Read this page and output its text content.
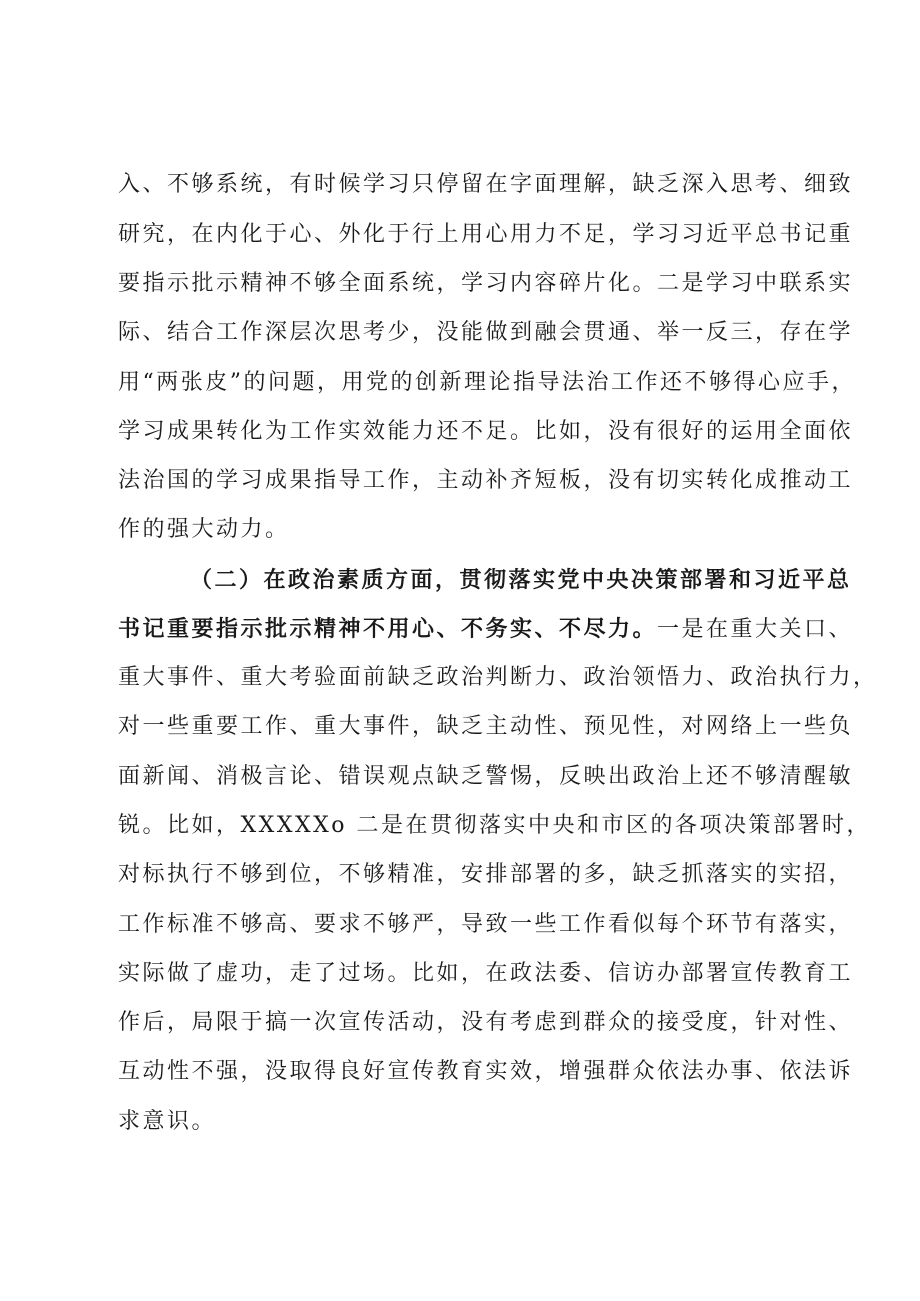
入、不够系统，有时候学习只停留在字面理解，缺乏深入思考、细致
研究，在内化于心、外化于行上用心用力不足，学习习近平总书记重
要指示批示精神不够全面系统，学习内容碎片化。二是学习中联系实
际、结合工作深层次思考少，没能做到融会贯通、举一反三，存在学
用“两张皮”的问题，用党的创新理论指导法治工作还不够得心应手，
学习成果转化为工作实效能力还不足。比如，没有很好的运用全面依
法治国的学习成果指导工作，主动补齐短板，没有切实转化成推动工
作的强大动力。
（二）在政治素质方面，贯彻落实党中央决策部署和习近平总
书记重要指示批示精神不用心、不务实、不尽力。一是在重大关口、
重大事件、重大考验面前缺乏政治判断力、政治领悟力、政治执行力，
对一些重要工作、重大事件，缺乏主动性、预见性，对网络上一些负
面新闻、消极言论、错误观点缺乏警惕，反映出政治上还不够清醒敏
锐。比如，XXXXXo 二是在贯彻落实中央和市区的各项决策部署时，
对标执行不够到位，不够精准，安排部署的多，缺乏抓落实的实招，
工作标准不够高、要求不够严，导致一些工作看似每个环节有落实，
实际做了虚功，走了过场。比如，在政法委、信访办部署宣传教育工
作后，局限于搞一次宣传活动，没有考虑到群众的接受度，针对性、
互动性不强，没取得良好宣传教育实效，增强群众依法办事、依法诉
求意识。
